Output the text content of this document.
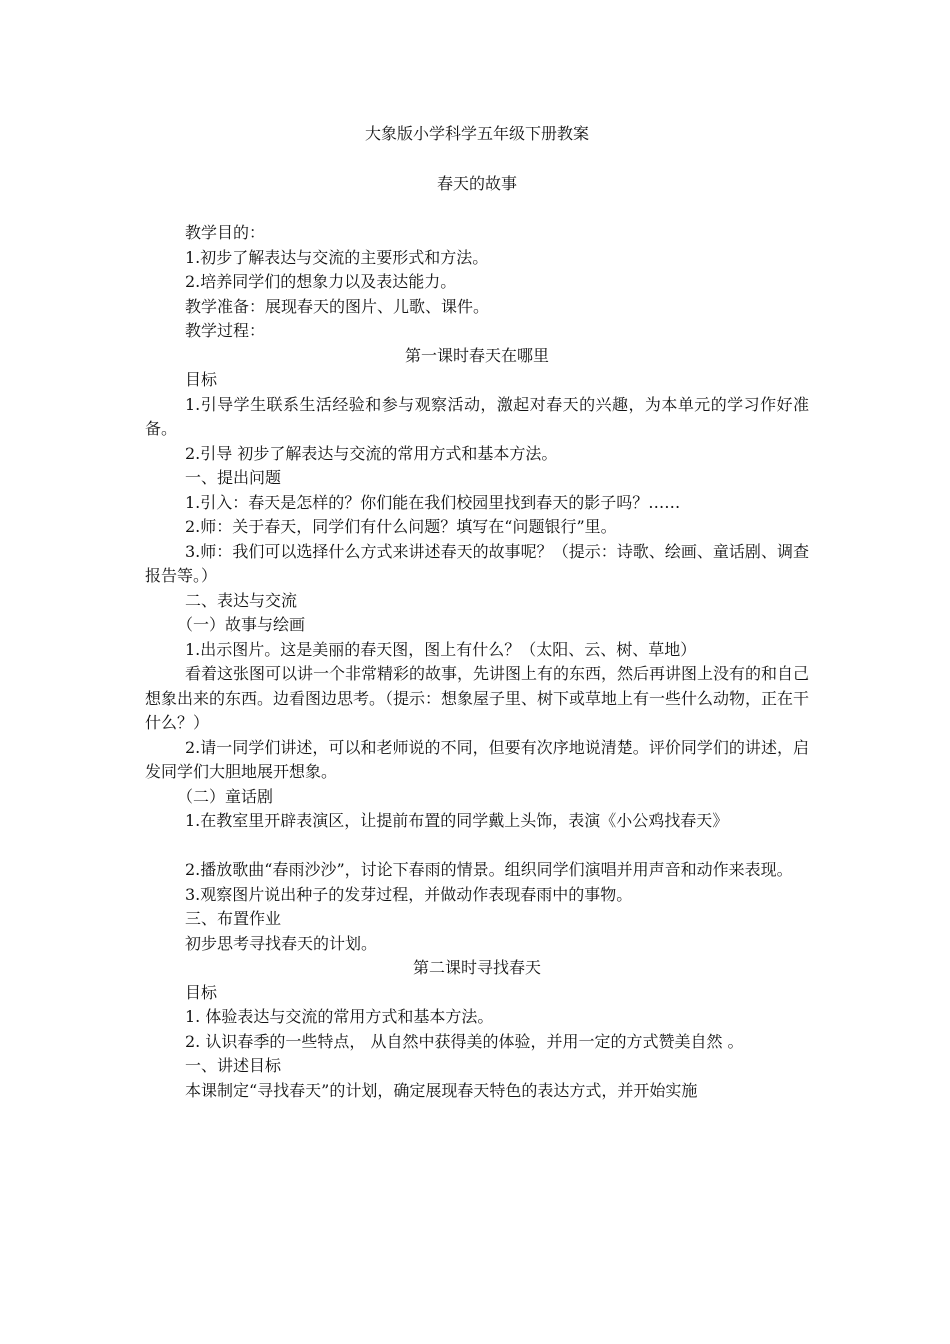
大象版小学科学五年级下册教案
春天的故事

教学目的：

1.初步了解表达与交流的主要形式和方法。

2.培养同学们的想象力以及表达能力。

教学准备：展现春天的图片、儿歌、课件。

教学过程：

第一课时春天在哪里

目标

1.引导学生联系生活经验和参与观察活动，激起对春天的兴趣，为本单元的学习作好准备。

2.引导 初步了解表达与交流的常用方式和基本方法。

一、提出问题

1.引入：春天是怎样的？你们能在我们校园里找到春天的影子吗？……

2.师：关于春天，同学们有什么问题？填写在“问题银行”里。

3.师：我们可以选择什么方式来讲述春天的故事呢？（提示：诗歌、绘画、童话剧、调查报告等。）

二、表达与交流

（一）故事与绘画

1.出示图片。这是美丽的春天图，图上有什么？（太阳、云、树、草地）

看着这张图可以讲一个非常精彩的故事，先讲图上有的东西，然后再讲图上没有的和自己想象出来的东西。边看图边思考。（提示：想象屋子里、树下或草地上有一些什么动物，正在干什么？）

2.请一同学们讲述，可以和老师说的不同，但要有次序地说清楚。评价同学们的讲述，启发同学们大胆地展开想象。

（二）童话剧

1.在教室里开辟表演区，让提前布置的同学戴上头饰，表演《小公鸡找春天》

2.播放歌曲“春雨沙沙”，讨论下春雨的情景。组织同学们演唱并用声音和动作来表现。

3.观察图片说出种子的发芽过程，并做动作表现春雨中的事物。

三、布置作业

初步思考寻找春天的计划。

第二课时寻找春天

目标

1. 体验表达与交流的常用方式和基本方法。

2. 认识春季的一些特点， 从自然中获得美的体验，并用一定的方式赞美自然 。

一、讲述目标

本课制定“寻找春天”的计划，确定展现春天特色的表达方式，并开始实施
